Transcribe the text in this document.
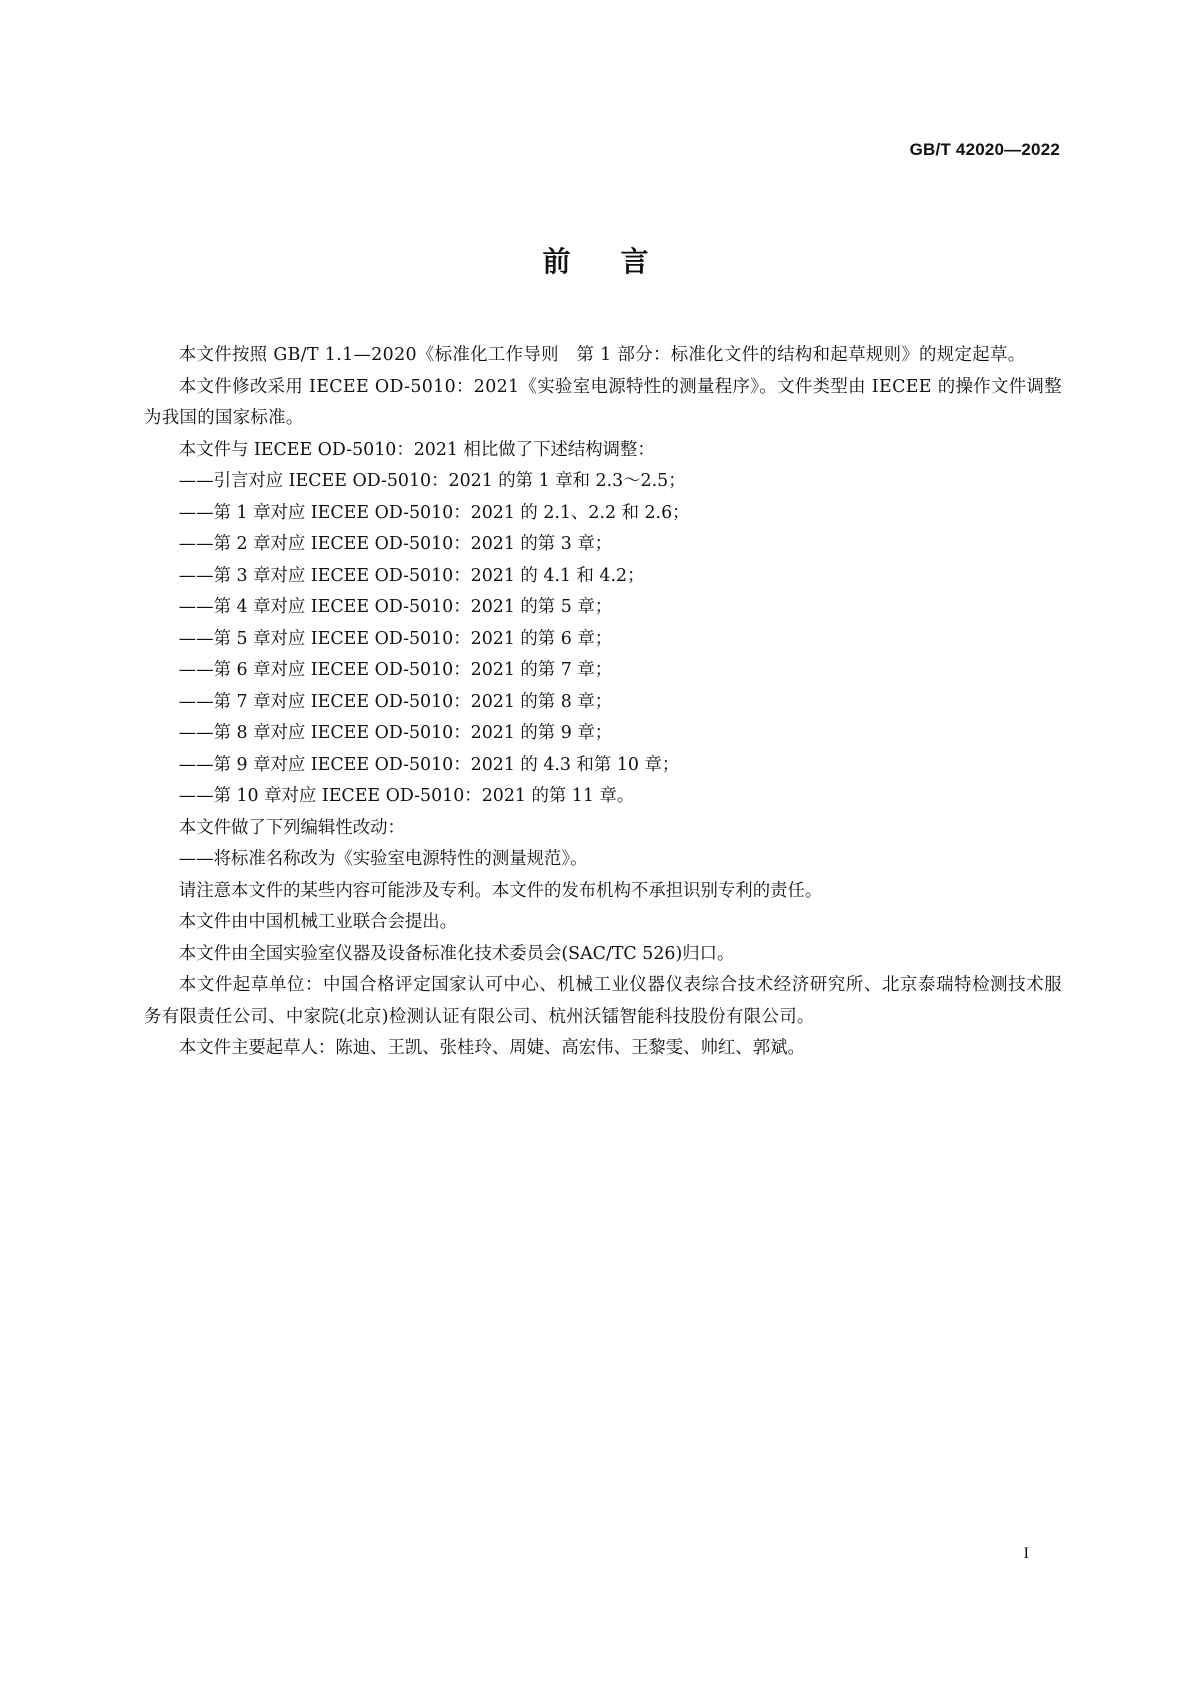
GB/T 42020—2022
前言

本文件按照 GB/T 1.1—2020《标准化工作导则　第 1 部分：标准化文件的结构和起草规则》的规定起草。

本文件修改采用 IECEE OD-5010：2021《实验室电源特性的测量程序》。文件类型由 IECEE 的操作文件调整为我国的国家标准。

本文件与 IECEE OD-5010：2021 相比做了下述结构调整：

——引言对应 IECEE OD-5010：2021 的第 1 章和 2.3～2.5；

——第 1 章对应 IECEE OD-5010：2021 的 2.1、2.2 和 2.6；

——第 2 章对应 IECEE OD-5010：2021 的第 3 章；

——第 3 章对应 IECEE OD-5010：2021 的 4.1 和 4.2；

——第 4 章对应 IECEE OD-5010：2021 的第 5 章；

——第 5 章对应 IECEE OD-5010：2021 的第 6 章；

——第 6 章对应 IECEE OD-5010：2021 的第 7 章；

——第 7 章对应 IECEE OD-5010：2021 的第 8 章；

——第 8 章对应 IECEE OD-5010：2021 的第 9 章；

——第 9 章对应 IECEE OD-5010：2021 的 4.3 和第 10 章；

——第 10 章对应 IECEE OD-5010：2021 的第 11 章。

本文件做了下列编辑性改动：

——将标准名称改为《实验室电源特性的测量规范》。

请注意本文件的某些内容可能涉及专利。本文件的发布机构不承担识别专利的责任。

本文件由中国机械工业联合会提出。

本文件由全国实验室仪器及设备标准化技术委员会(SAC/TC 526)归口。

本文件起草单位：中国合格评定国家认可中心、机械工业仪器仪表综合技术经济研究所、北京泰瑞特检测技术服务有限责任公司、中家院(北京)检测认证有限公司、杭州沃镭智能科技股份有限公司。

本文件主要起草人：陈迪、王凯、张桂玲、周婕、高宏伟、王黎雯、帅红、郭斌。

I
